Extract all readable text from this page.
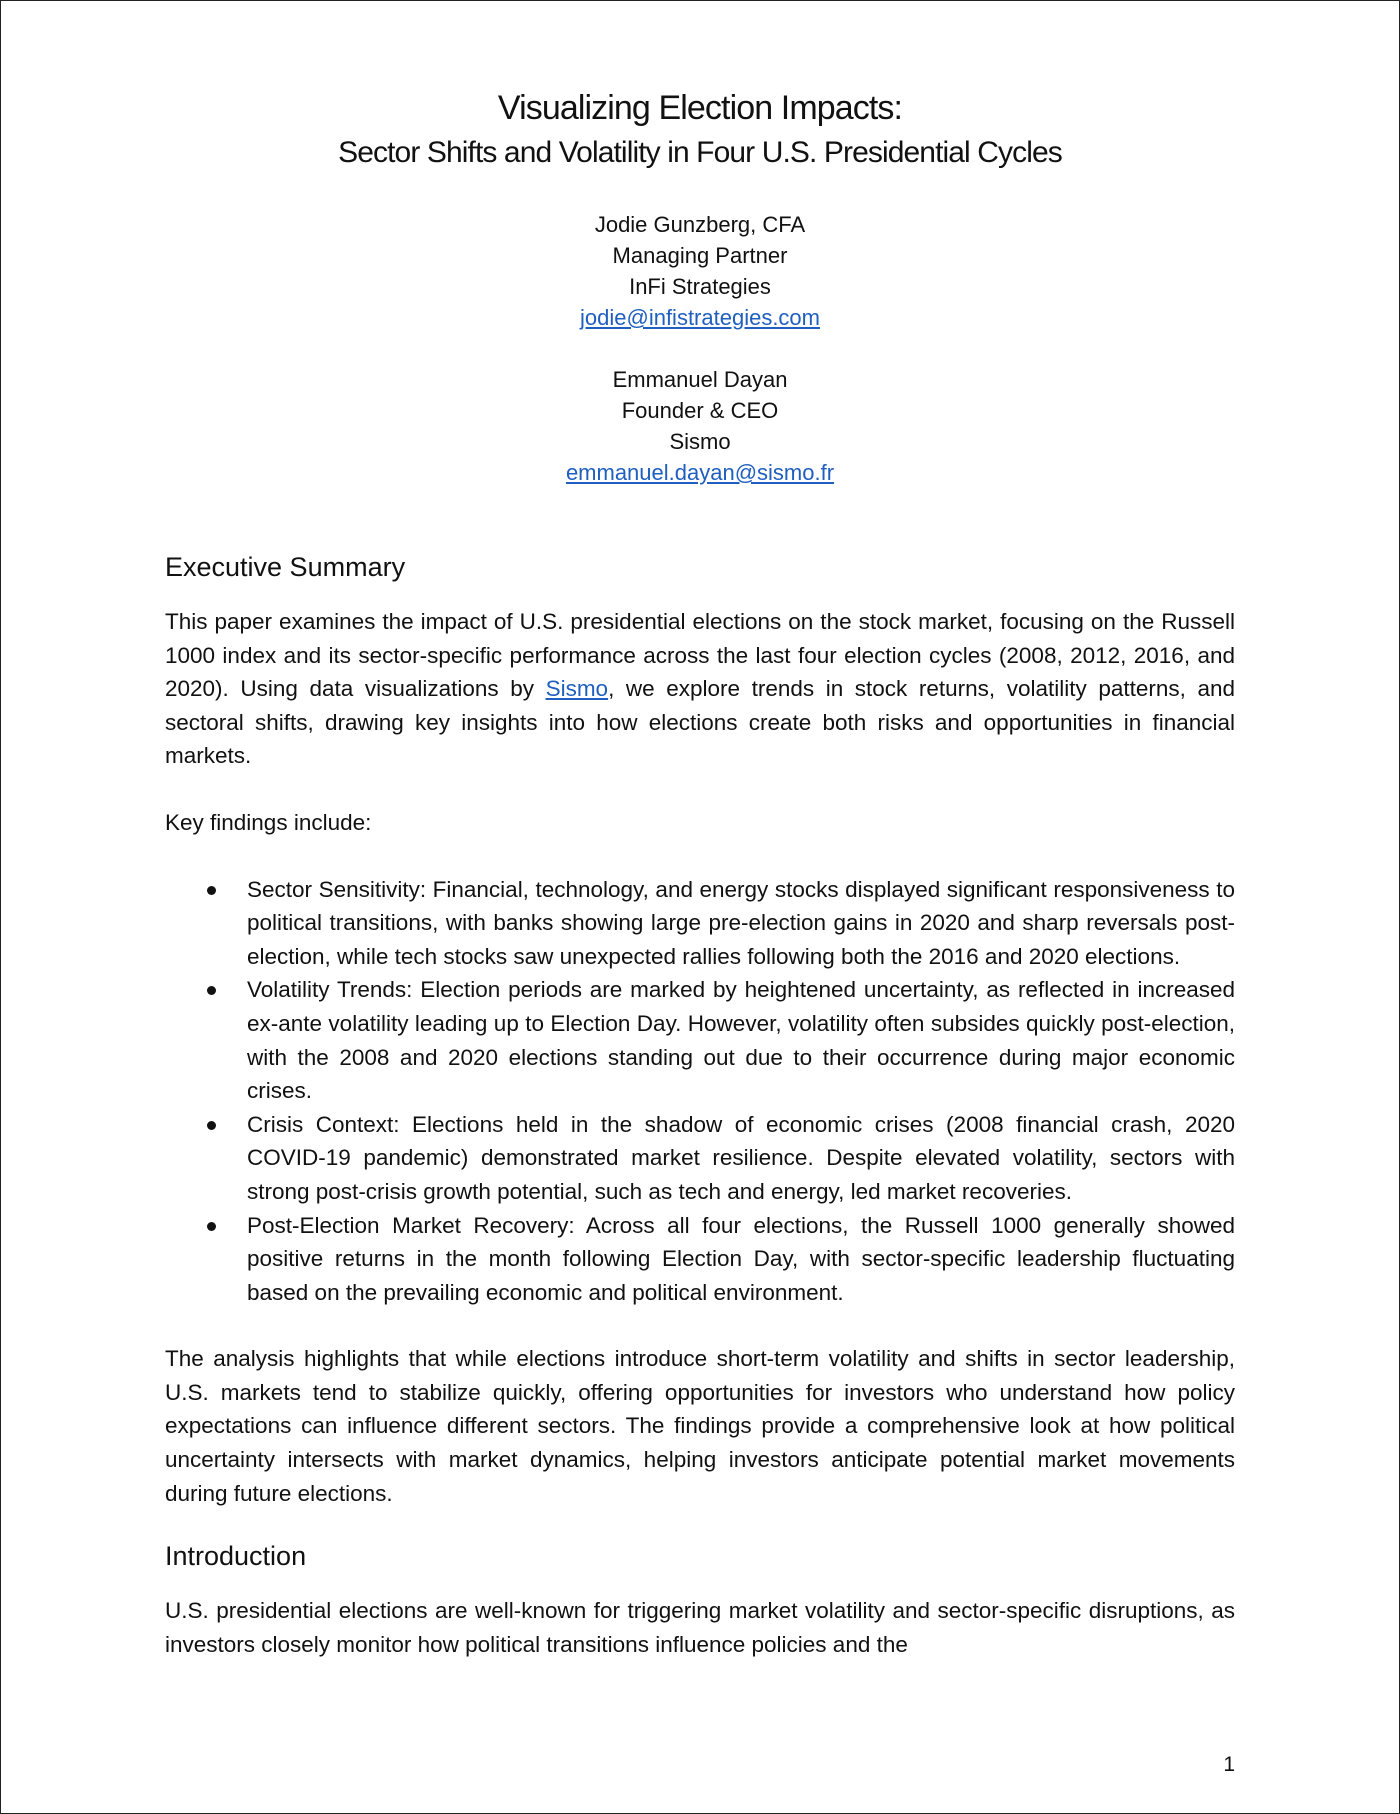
Visualizing Election Impacts:
Sector Shifts and Volatility in Four U.S. Presidential Cycles
Jodie Gunzberg, CFA
Managing Partner
InFi Strategies
jodie@infistrategies.com
Emmanuel Dayan
Founder & CEO
Sismo
emmanuel.dayan@sismo.fr
Executive Summary

This paper examines the impact of U.S. presidential elections on the stock market, focusing on the Russell 1000 index and its sector-specific performance across the last four election cycles (2008, 2012, 2016, and 2020). Using data visualizations by Sismo, we explore trends in stock returns, volatility patterns, and sectoral shifts, drawing key insights into how elections create both risks and opportunities in financial markets.

Key findings include:

Sector Sensitivity: Financial, technology, and energy stocks displayed significant responsiveness to political transitions, with banks showing large pre-election gains in 2020 and sharp reversals post-election, while tech stocks saw unexpected rallies following both the 2016 and 2020 elections.
Volatility Trends: Election periods are marked by heightened uncertainty, as reflected in increased ex-ante volatility leading up to Election Day. However, volatility often subsides quickly post-election, with the 2008 and 2020 elections standing out due to their occurrence during major economic crises.
Crisis Context: Elections held in the shadow of economic crises (2008 financial crash, 2020 COVID-19 pandemic) demonstrated market resilience. Despite elevated volatility, sectors with strong post-crisis growth potential, such as tech and energy, led market recoveries.
Post-Election Market Recovery: Across all four elections, the Russell 1000 generally showed positive returns in the month following Election Day, with sector-specific leadership fluctuating based on the prevailing economic and political environment.

The analysis highlights that while elections introduce short-term volatility and shifts in sector leadership, U.S. markets tend to stabilize quickly, offering opportunities for investors who understand how policy expectations can influence different sectors. The findings provide a comprehensive look at how political uncertainty intersects with market dynamics, helping investors anticipate potential market movements during future elections.

Introduction

U.S. presidential elections are well-known for triggering market volatility and sector-specific disruptions, as investors closely monitor how political transitions influence policies and the

1
